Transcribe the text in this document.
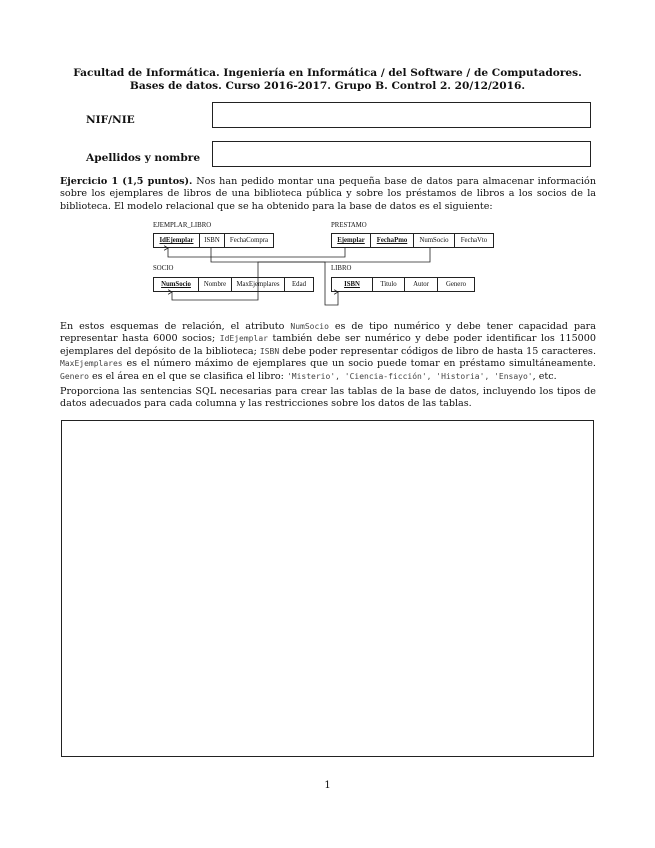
Facultad de Informática. Ingeniería en Informática / del Software / de Computadores.
Bases de datos. Curso 2016-2017. Grupo B. Control 2. 20/12/2016.
NIF/NIE
Apellidos y nombre
Ejercicio 1 (1,5 puntos). Nos han pedido montar una pequeña base de datos para almacenar información sobre los ejemplares de libros de una biblioteca pública y sobre los préstamos de libros a los socios de la biblioteca. El modelo relacional que se ha obtenido para la base de datos es el siguiente:
EJEMPLAR_LIBRO
IdEjemplar	ISBN	FechaCompra
PRESTAMO
Ejemplar	FechaPmo	NumSocio	FechaVto
SOCIO
NumSocio	Nombre	MaxEjemplares	Edad
LIBRO
ISBN	Titulo	Autor	Genero
En estos esquemas de relación, el atributo NumSocio es de tipo numérico y debe tener capacidad para representar hasta 6000 socios; IdEjemplar también debe ser numérico y debe poder identificar los 115000 ejemplares del depósito de la biblioteca; ISBN debe poder representar códigos de libro de hasta 15 caracteres. MaxEjemplares es el número máximo de ejemplares que un socio puede tomar en préstamo simultáneamente. Genero es el área en el que se clasifica el libro: 'Misterio', 'Ciencia-ficción', 'Historia', 'Ensayo', etc.
Proporciona las sentencias SQL necesarias para crear las tablas de la base de datos, incluyendo los tipos de datos adecuados para cada columna y las restricciones sobre los datos de las tablas.
1
